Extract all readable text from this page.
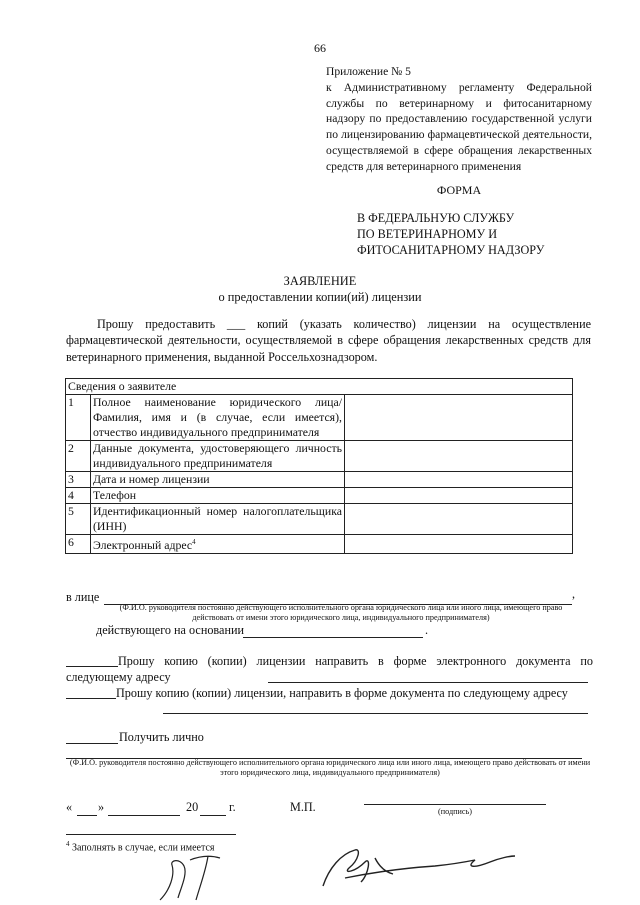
66
Приложение № 5
к Административному регламенту Федеральной службы по ветеринарному и фитосанитарному надзору по предоставлению государственной услуги по лицензированию фармацевтической деятельности, осуществляемой в сфере обращения лекарственных средств для ветеринарного применения
ФОРМА
В ФЕДЕРАЛЬНУЮ СЛУЖБУ
ПО ВЕТЕРИНАРНОМУ И
ФИТОСАНИТАРНОМУ НАДЗОРУ
ЗАЯВЛЕНИЕ
о предоставлении копии(ий) лицензии
Прошу предоставить ___ копий (указать количество) лицензии на осуществление фармацевтической деятельности, осуществляемой в сфере обращения лекарственных средств для ветеринарного применения, выданной Россельхознадзором.
Сведения о заявителе		
1	Полное наименование юридического лица/ Фамилия, имя и (в случае, если имеется), отчество индивидуального предпринимателя	
2	Данные документа, удостоверяющего личность индивидуального предпринимателя	
3	Дата и номер лицензии	
4	Телефон	
5	Идентификационный номер налогоплательщика (ИНН)	
6	Электронный адрес$^4$	
в лице	,
(Ф.И.О. руководителя постоянно действующего исполнительного органа юридического лица или иного лица, имеющего право действовать от имени этого юридического лица, индивидуального предпринимателя)
действующего на основании	.
Прошу копию (копии) лицензии направить в форме электронного документа по следующему адресу
Прошу копию (копии) лицензии, направить в форме документа по следующему адресу
Получить лично
(Ф.И.О. руководителя постоянно действующего исполнительного органа юридического лица или иного лица, имеющего право действовать от имени этого юридического лица, индивидуального предпринимателя)
« »	20	г.	М.П.	(подпись)
$^4$ Заполнять в случае, если имеется
